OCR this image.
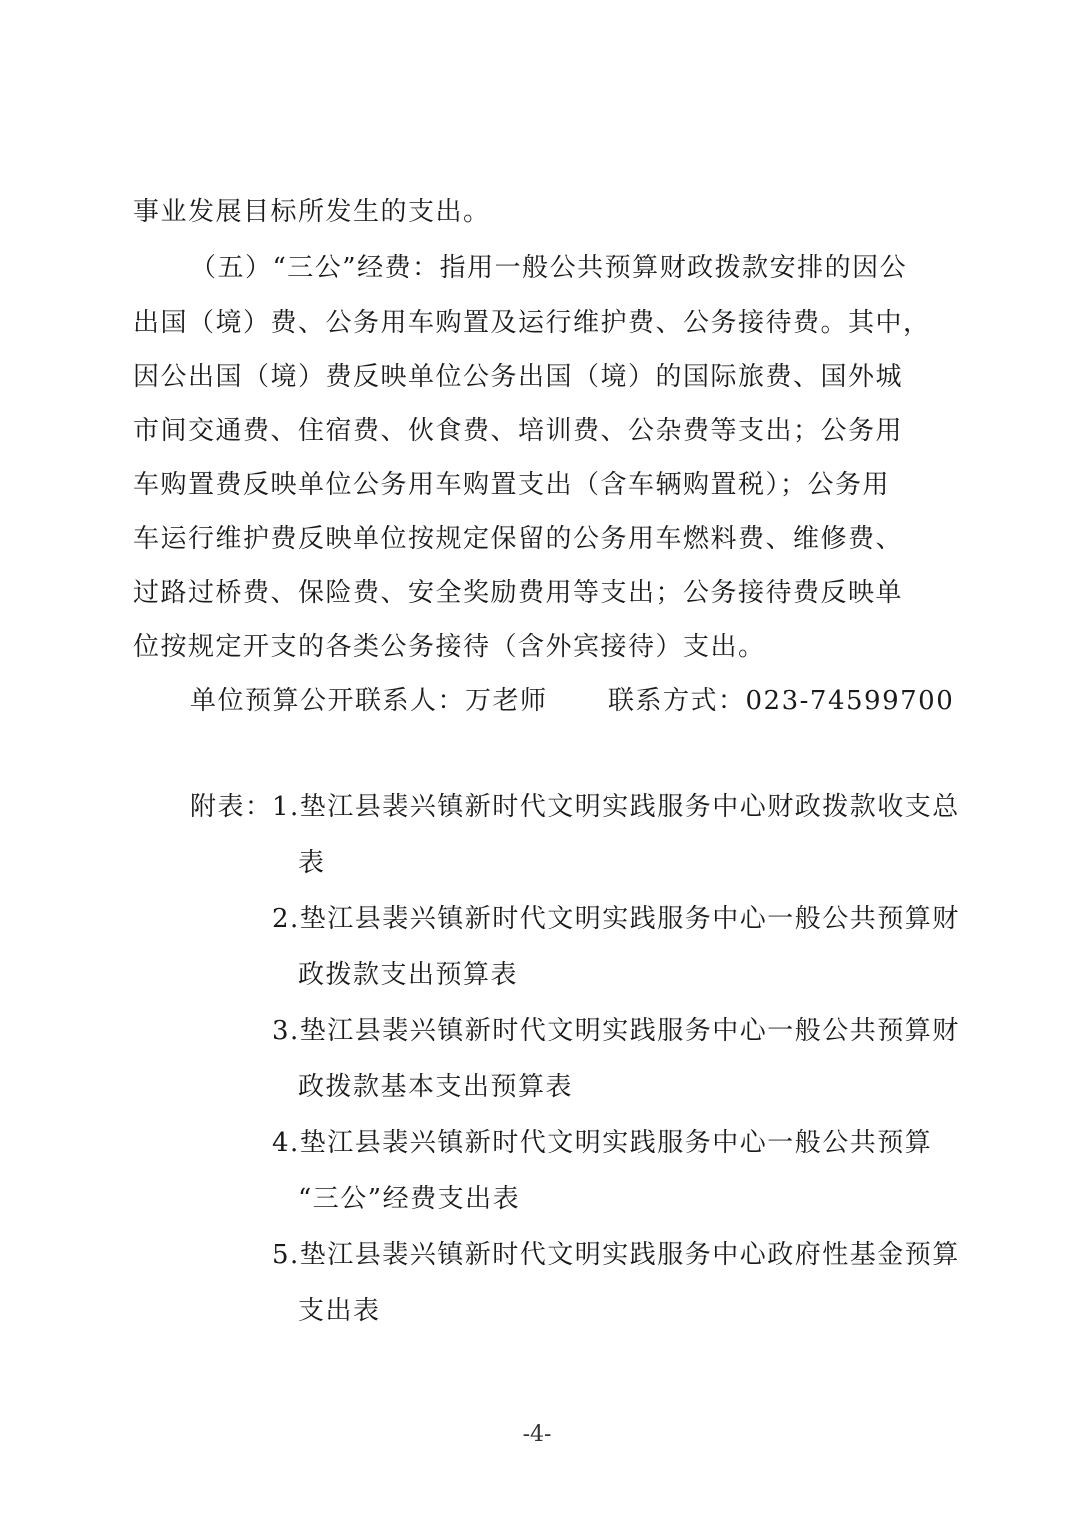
事业发展目标所发生的支出。
（五）“三公”经费：指用一般公共预算财政拨款安排的因公
出国（境）费、公务用车购置及运行维护费、公务接待费。其中，
因公出国（境）费反映单位公务出国（境）的国际旅费、国外城
市间交通费、住宿费、伙食费、培训费、公杂费等支出；公务用
车购置费反映单位公务用车购置支出（含车辆购置税）；公务用
车运行维护费反映单位按规定保留的公务用车燃料费、维修费、
过路过桥费、保险费、安全奖励费用等支出；公务接待费反映单
位按规定开支的各类公务接待（含外宾接待）支出。
单位预算公开联系人：万老师 联系方式：023-74599700
附表： 1.垫江县裴兴镇新时代文明实践服务中心财政拨款收支总
表
2.垫江县裴兴镇新时代文明实践服务中心一般公共预算财
政拨款支出预算表
3.垫江县裴兴镇新时代文明实践服务中心一般公共预算财
政拨款基本支出预算表
4.垫江县裴兴镇新时代文明实践服务中心一般公共预算
“三公”经费支出表
5.垫江县裴兴镇新时代文明实践服务中心政府性基金预算
支出表
-4-
